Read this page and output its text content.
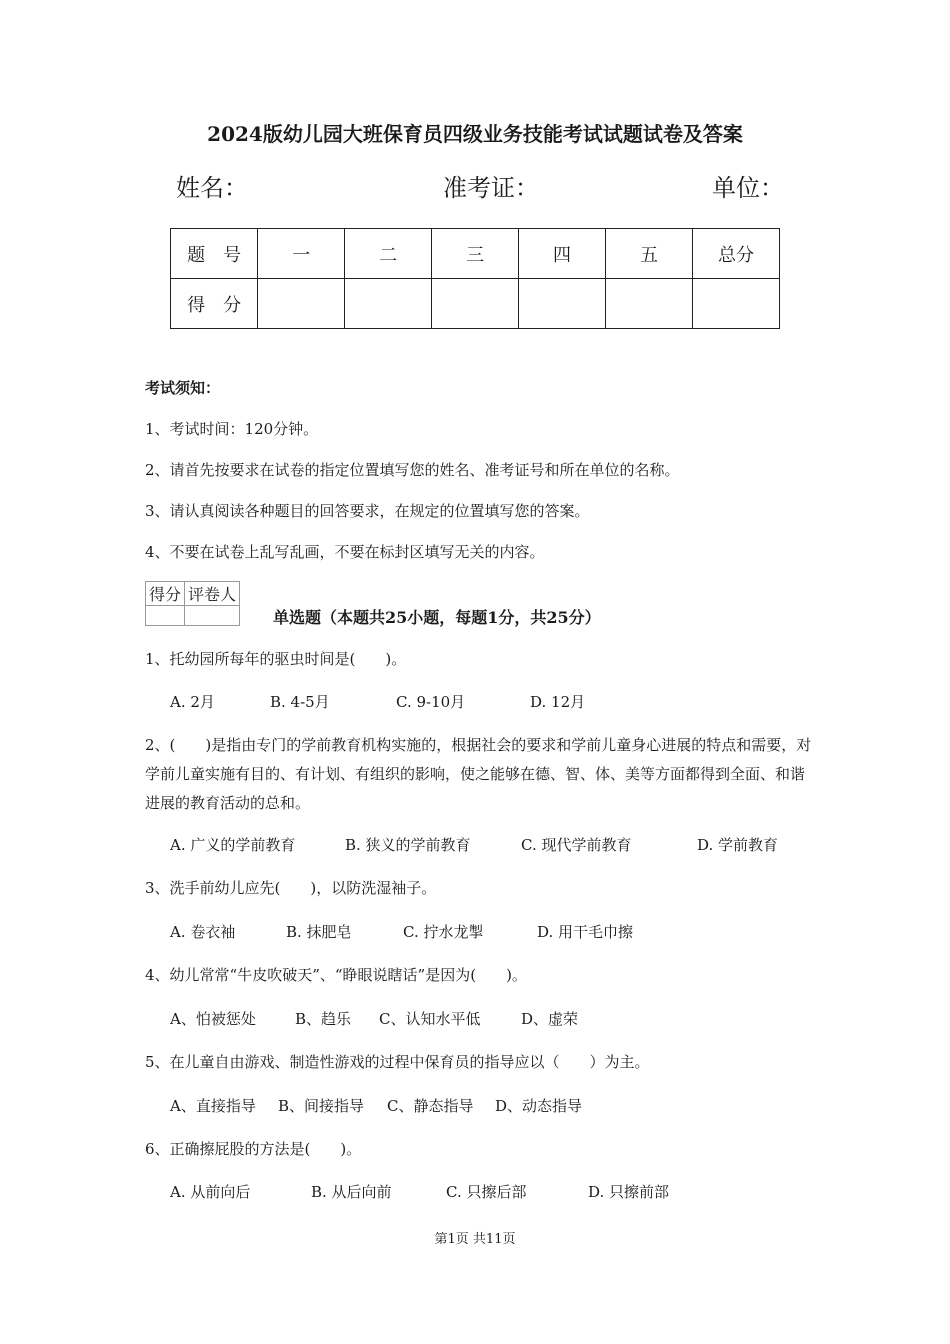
2024版幼儿园大班保育员四级业务技能考试试题试卷及答案
姓名：	准考证：	单位：
题　号	一	二	三	四	五	总分
得　分						
考试须知：
1、考试时间：120分钟。
2、请首先按要求在试卷的指定位置填写您的姓名、准考证号和所在单位的名称。
3、请认真阅读各种题目的回答要求，在规定的位置填写您的答案。
4、不要在试卷上乱写乱画，不要在标封区填写无关的内容。
得分	评卷人

单选题（本题共25小题，每题1分，共25分）
1、托幼园所每年的驱虫时间是(　　)。
A. 2月	B. 4-5月	C. 9-10月	D. 12月
2、(　　)是指由专门的学前教育机构实施的，根据社会的要求和学前儿童身心进展的特点和需要，对学前儿童实施有目的、有计划、有组织的影响，使之能够在德、智、体、美等方面都得到全面、和谐进展的教育活动的总和。
A. 广义的学前教育	B. 狭义的学前教育	C. 现代学前教育	D. 学前教育
3、洗手前幼儿应先(　　)，以防洗湿袖子。
A. 卷衣袖	B. 抹肥皂	C. 拧水龙掣	D. 用干毛巾擦
4、幼儿常常“牛皮吹破天”、“睁眼说瞎话”是因为(　　)。
A、怕被惩处	B、趋乐 C、认知水平低	D、虚荣
5、在儿童自由游戏、制造性游戏的过程中保育员的指导应以（　　）为主。
A、直接指导 B、间接指导 C、静态指导 D、动态指导
6、正确擦屁股的方法是(　　)。
A. 从前向后	B. 从后向前	C. 只擦后部	D. 只擦前部
第1页 共11页
